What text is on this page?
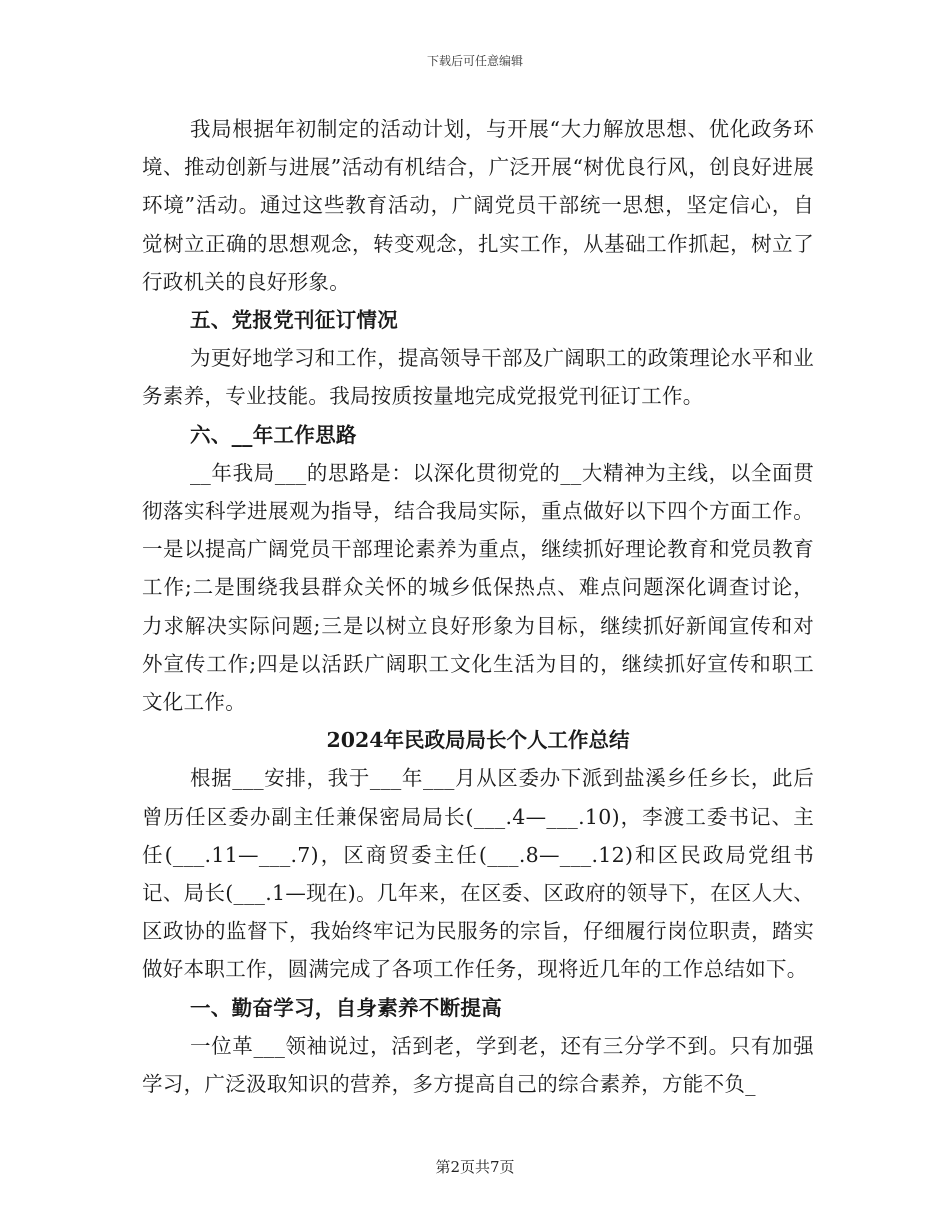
下载后可任意编辑

我局根据年初制定的活动计划，与开展“大力解放思想、优化政务环境、推动创新与进展”活动有机结合，广泛开展“树优良行风，创良好进展环境”活动。通过这些教育活动，广阔党员干部统一思想，坚定信心，自觉树立正确的思想观念，转变观念，扎实工作，从基础工作抓起，树立了行政机关的良好形象。

五、党报党刊征订情况

为更好地学习和工作，提高领导干部及广阔职工的政策理论水平和业务素养，专业技能。我局按质按量地完成党报党刊征订工作。

六、__年工作思路

__年我局___的思路是：以深化贯彻党的__大精神为主线，以全面贯彻落实科学进展观为指导，结合我局实际，重点做好以下四个方面工作。一是以提高广阔党员干部理论素养为重点，继续抓好理论教育和党员教育工作;二是围绕我县群众关怀的城乡低保热点、难点问题深化调查讨论，力求解决实际问题;三是以树立良好形象为目标，继续抓好新闻宣传和对外宣传工作;四是以活跃广阔职工文化生活为目的，继续抓好宣传和职工文化工作。

2024年民政局局长个人工作总结

根据___安排，我于___年___月从区委办下派到盐溪乡任乡长，此后曾历任区委办副主任兼保密局局长(___.4—___.10)，李渡工委书记、主任(___.11—___.7)，区商贸委主任(___.8—___.12)和区民政局党组书记、局长(___.1—现在)。几年来，在区委、区政府的领导下，在区人大、区政协的监督下，我始终牢记为民服务的宗旨，仔细履行岗位职责，踏实做好本职工作，圆满完成了各项工作任务，现将近几年的工作总结如下。

一、勤奋学习，自身素养不断提高

一位革___领袖说过，活到老，学到老，还有三分学不到。只有加强学习，广泛汲取知识的营养，多方提高自己的综合素养，方能不负_

第2页共7页
